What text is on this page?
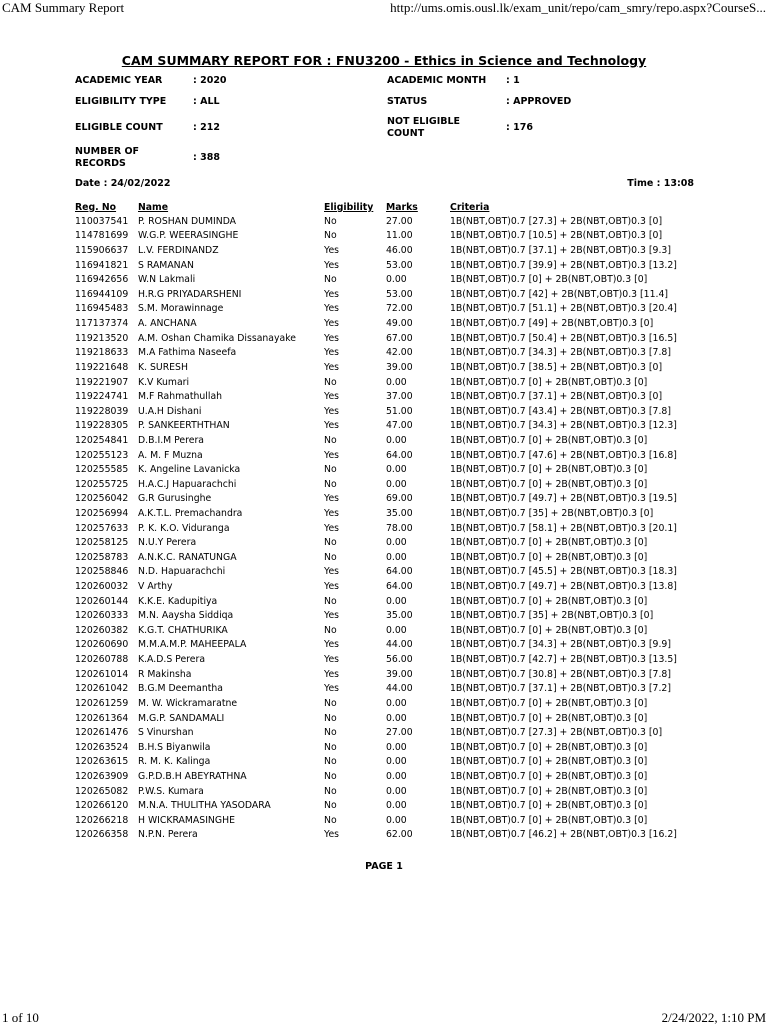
CAM Summary Report	http://ums.omis.ousl.lk/exam_unit/repo/cam_smry/repo.aspx?CourseS...
CAM SUMMARY REPORT FOR : FNU3200 - Ethics in Science and Technology
ACADEMIC YEAR	: 2020	ACADEMIC MONTH	: 1
ELIGIBILITY TYPE	: ALL	STATUS	: APPROVED
ELIGIBLE COUNT	: 212
NOT ELIGIBLE
COUNT	: 176
NUMBER OF
RECORDS	: 388
Date : 24/02/2022	Time : 13:08
Reg. No	Name	Eligibility	Marks	Criteria
110037541	P. ROSHAN DUMINDA	No	27.00	1B(NBT,OBT)0.7 [27.3] + 2B(NBT,OBT)0.3 [0]
114781699	W.G.P. WEERASINGHE	No	11.00	1B(NBT,OBT)0.7 [10.5] + 2B(NBT,OBT)0.3 [0]
115906637	L.V. FERDINANDZ	Yes	46.00	1B(NBT,OBT)0.7 [37.1] + 2B(NBT,OBT)0.3 [9.3]
116941821	S RAMANAN	Yes	53.00	1B(NBT,OBT)0.7 [39.9] + 2B(NBT,OBT)0.3 [13.2]
116942656	W.N Lakmali	No	0.00	1B(NBT,OBT)0.7 [0] + 2B(NBT,OBT)0.3 [0]
116944109	H.R.G PRIYADARSHENI	Yes	53.00	1B(NBT,OBT)0.7 [42] + 2B(NBT,OBT)0.3 [11.4]
116945483	S.M. Morawinnage	Yes	72.00	1B(NBT,OBT)0.7 [51.1] + 2B(NBT,OBT)0.3 [20.4]
117137374	A. ANCHANA	Yes	49.00	1B(NBT,OBT)0.7 [49] + 2B(NBT,OBT)0.3 [0]
119213520	A.M. Oshan Chamika Dissanayake	Yes	67.00	1B(NBT,OBT)0.7 [50.4] + 2B(NBT,OBT)0.3 [16.5]
119218633	M.A Fathima Naseefa	Yes	42.00	1B(NBT,OBT)0.7 [34.3] + 2B(NBT,OBT)0.3 [7.8]
119221648	K. SURESH	Yes	39.00	1B(NBT,OBT)0.7 [38.5] + 2B(NBT,OBT)0.3 [0]
119221907	K.V Kumari	No	0.00	1B(NBT,OBT)0.7 [0] + 2B(NBT,OBT)0.3 [0]
119224741	M.F Rahmathullah	Yes	37.00	1B(NBT,OBT)0.7 [37.1] + 2B(NBT,OBT)0.3 [0]
119228039	U.A.H Dishani	Yes	51.00	1B(NBT,OBT)0.7 [43.4] + 2B(NBT,OBT)0.3 [7.8]
119228305	P. SANKEERTHTHAN	Yes	47.00	1B(NBT,OBT)0.7 [34.3] + 2B(NBT,OBT)0.3 [12.3]
120254841	D.B.I.M Perera	No	0.00	1B(NBT,OBT)0.7 [0] + 2B(NBT,OBT)0.3 [0]
120255123	A. M. F Muzna	Yes	64.00	1B(NBT,OBT)0.7 [47.6] + 2B(NBT,OBT)0.3 [16.8]
120255585	K. Angeline Lavanicka	No	0.00	1B(NBT,OBT)0.7 [0] + 2B(NBT,OBT)0.3 [0]
120255725	H.A.C.J Hapuarachchi	No	0.00	1B(NBT,OBT)0.7 [0] + 2B(NBT,OBT)0.3 [0]
120256042	G.R Gurusinghe	Yes	69.00	1B(NBT,OBT)0.7 [49.7] + 2B(NBT,OBT)0.3 [19.5]
120256994	A.K.T.L. Premachandra	Yes	35.00	1B(NBT,OBT)0.7 [35] + 2B(NBT,OBT)0.3 [0]
120257633	P. K. K.O. Viduranga	Yes	78.00	1B(NBT,OBT)0.7 [58.1] + 2B(NBT,OBT)0.3 [20.1]
120258125	N.U.Y Perera	No	0.00	1B(NBT,OBT)0.7 [0] + 2B(NBT,OBT)0.3 [0]
120258783	A.N.K.C. RANATUNGA	No	0.00	1B(NBT,OBT)0.7 [0] + 2B(NBT,OBT)0.3 [0]
120258846	N.D. Hapuarachchi	Yes	64.00	1B(NBT,OBT)0.7 [45.5] + 2B(NBT,OBT)0.3 [18.3]
120260032	V Arthy	Yes	64.00	1B(NBT,OBT)0.7 [49.7] + 2B(NBT,OBT)0.3 [13.8]
120260144	K.K.E. Kadupitiya	No	0.00	1B(NBT,OBT)0.7 [0] + 2B(NBT,OBT)0.3 [0]
120260333	M.N. Aaysha Siddiqa	Yes	35.00	1B(NBT,OBT)0.7 [35] + 2B(NBT,OBT)0.3 [0]
120260382	K.G.T. CHATHURIKA	No	0.00	1B(NBT,OBT)0.7 [0] + 2B(NBT,OBT)0.3 [0]
120260690	M.M.A.M.P. MAHEEPALA	Yes	44.00	1B(NBT,OBT)0.7 [34.3] + 2B(NBT,OBT)0.3 [9.9]
120260788	K.A.D.S Perera	Yes	56.00	1B(NBT,OBT)0.7 [42.7] + 2B(NBT,OBT)0.3 [13.5]
120261014	R Makinsha	Yes	39.00	1B(NBT,OBT)0.7 [30.8] + 2B(NBT,OBT)0.3 [7.8]
120261042	B.G.M Deemantha	Yes	44.00	1B(NBT,OBT)0.7 [37.1] + 2B(NBT,OBT)0.3 [7.2]
120261259	M. W. Wickramaratne	No	0.00	1B(NBT,OBT)0.7 [0] + 2B(NBT,OBT)0.3 [0]
120261364	M.G.P. SANDAMALI	No	0.00	1B(NBT,OBT)0.7 [0] + 2B(NBT,OBT)0.3 [0]
120261476	S Vinurshan	No	27.00	1B(NBT,OBT)0.7 [27.3] + 2B(NBT,OBT)0.3 [0]
120263524	B.H.S Biyanwila	No	0.00	1B(NBT,OBT)0.7 [0] + 2B(NBT,OBT)0.3 [0]
120263615	R. M. K. Kalinga	No	0.00	1B(NBT,OBT)0.7 [0] + 2B(NBT,OBT)0.3 [0]
120263909	G.P.D.B.H ABEYRATHNA	No	0.00	1B(NBT,OBT)0.7 [0] + 2B(NBT,OBT)0.3 [0]
120265082	P.W.S. Kumara	No	0.00	1B(NBT,OBT)0.7 [0] + 2B(NBT,OBT)0.3 [0]
120266120	M.N.A. THULITHA YASODARA	No	0.00	1B(NBT,OBT)0.7 [0] + 2B(NBT,OBT)0.3 [0]
120266218	H WICKRAMASINGHE	No	0.00	1B(NBT,OBT)0.7 [0] + 2B(NBT,OBT)0.3 [0]
120266358	N.P.N. Perera	Yes	62.00	1B(NBT,OBT)0.7 [46.2] + 2B(NBT,OBT)0.3 [16.2]
PAGE 1
1 of 10	2/24/2022, 1:10 PM
